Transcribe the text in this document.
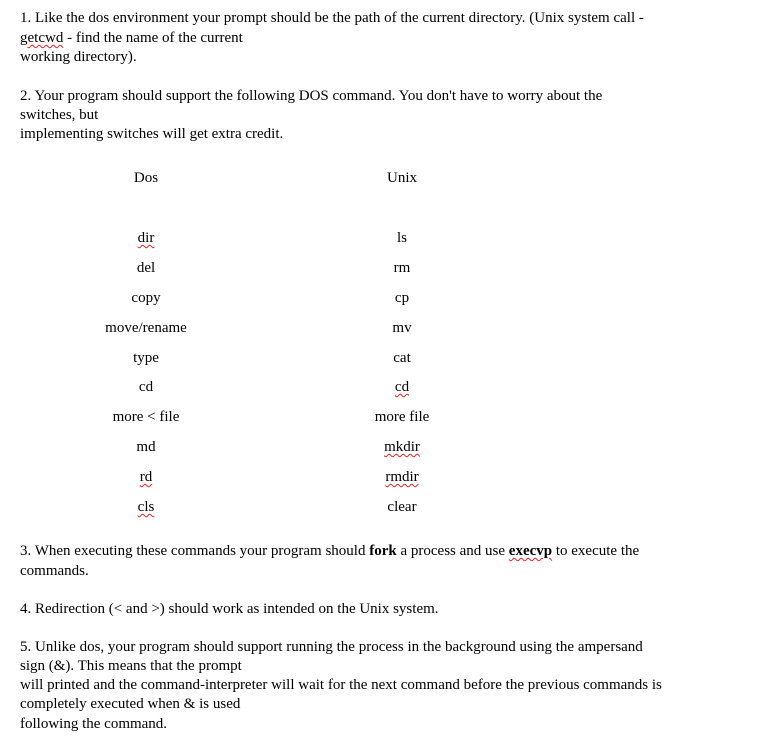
1. Like the dos environment your prompt should be the path of the current directory. (Unix system call -
getcwd - find the name of the current
working directory).
2. Your program should support the following DOS command. You don't have to worry about the
switches, but
implementing switches will get extra credit.
Dos	Unix
dir	ls
del	rm
copy	cp
move/rename	mv
type	cat
cd	cd
more < file	more file
md	mkdir
rd	rmdir
cls	clear
3. When executing these commands your program should fork a process and use execvp to execute the
commands.
4. Redirection (< and >) should work as intended on the Unix system.
5. Unlike dos, your program should support running the process in the background using the ampersand
sign (&). This means that the prompt
will printed and the command-interpreter will wait for the next command before the previous commands is
completely executed when & is used
following the command.
